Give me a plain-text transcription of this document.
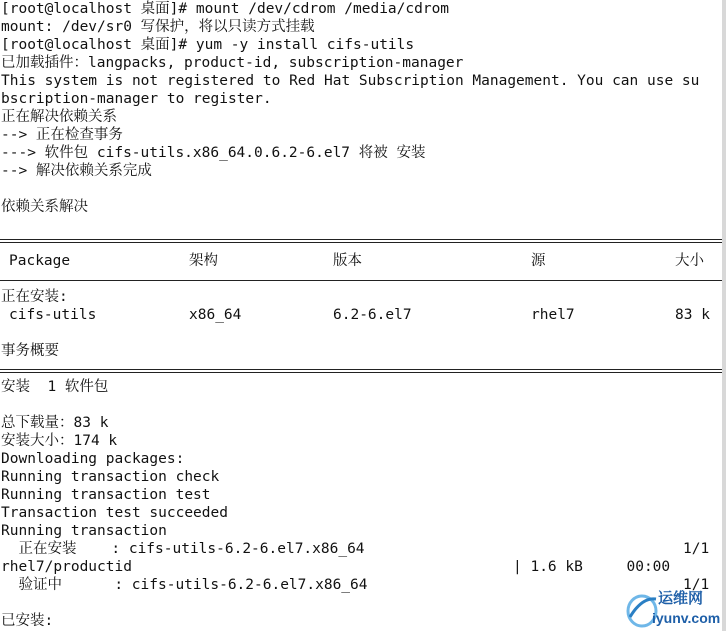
[root@localhost 桌面]# mount /dev/cdrom /media/cdrom
mount: /dev/sr0 写保护，将以只读方式挂载
[root@localhost 桌面]# yum -y install cifs-utils
已加载插件：langpacks, product-id, subscription-manager
This system is not registered to Red Hat Subscription Management. You can use su
bscription-manager to register.
正在解决依赖关系
--> 正在检查事务
---> 软件包 cifs-utils.x86_64.0.6.2-6.el7 将被 安装
--> 解决依赖关系完成
依赖关系解决
Package	架构	版本	源	大小
正在安装:
cifs-utils	x86_64	6.2-6.el7	rhel7	83 k
事务概要
安装  1 软件包
总下载量：83 k
安装大小：174 k
Downloading packages:
Running transaction check
Running transaction test
Transaction test succeeded
Running transaction
正在安装    : cifs-utils-6.2-6.el7.x86_64	1/1
rhel7/productid	| 1.6 kB     00:00
验证中      : cifs-utils-6.2-6.el7.x86_64	1/1
已安装:
运维网
iyunv.com
